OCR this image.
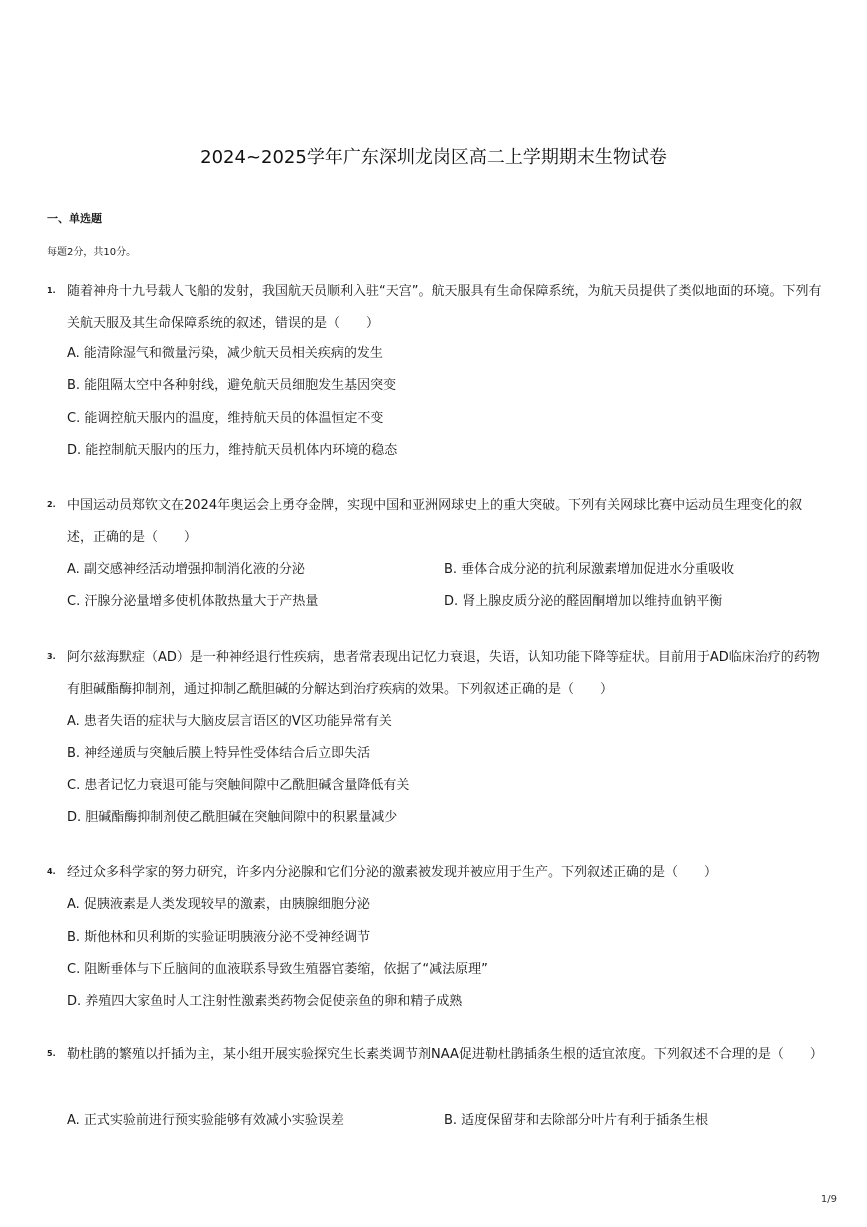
2024~2025学年广东深圳龙岗区高二上学期期末生物试卷
一、单选题
每题2分，共10分。
1. 随着神舟十九号载人飞船的发射，我国航天员顺利入驻“天宫”。航天服具有生命保障系统，为航天员提供了类似地面的环境。下列有关航天服及其生命保障系统的叙述，错误的是（　　）

A. 能清除湿气和微量污染，减少航天员相关疾病的发生
B. 能阻隔太空中各种射线，避免航天员细胞发生基因突变
C. 能调控航天服内的温度，维持航天员的体温恒定不变
D. 能控制航天服内的压力，维持航天员机体内环境的稳态
2. 中国运动员郑钦文在2024年奥运会上勇夺金牌，实现中国和亚洲网球史上的重大突破。下列有关网球比赛中运动员生理变化的叙述，正确的是（　　）

A. 副交感神经活动增强抑制消化液的分泌	B. 垂体合成分泌的抗利尿激素增加促进水分重吸收
C. 汗腺分泌量增多使机体散热量大于产热量	D. 肾上腺皮质分泌的醛固酮增加以维持血钠平衡
3. 阿尔兹海默症（AD）是一种神经退行性疾病，患者常表现出记忆力衰退，失语，认知功能下降等症状。目前用于AD临床治疗的药物有胆碱酯酶抑制剂，通过抑制乙酰胆碱的分解达到治疗疾病的效果。下列叙述正确的是（　　）

A. 患者失语的症状与大脑皮层言语区的V区功能异常有关
B. 神经递质与突触后膜上特异性受体结合后立即失活
C. 患者记忆力衰退可能与突触间隙中乙酰胆碱含量降低有关
D. 胆碱酯酶抑制剂使乙酰胆碱在突触间隙中的积累量减少
4. 经过众多科学家的努力研究，许多内分泌腺和它们分泌的激素被发现并被应用于生产。下列叙述正确的是（　　）

A. 促胰液素是人类发现较早的激素，由胰腺细胞分泌
B. 斯他林和贝利斯的实验证明胰液分泌不受神经调节
C. 阻断垂体与下丘脑间的血液联系导致生殖器官萎缩，依据了“减法原理”
D. 养殖四大家鱼时人工注射性激素类药物会促使亲鱼的卵和精子成熟
5. 勒杜鹃的繁殖以扦插为主，某小组开展实验探究生长素类调节剂NAA促进勒杜鹃插条生根的适宜浓度。下列叙述不合理的是（　　）

A. 正式实验前进行预实验能够有效减小实验误差	B. 适度保留芽和去除部分叶片有利于插条生根
1/9
